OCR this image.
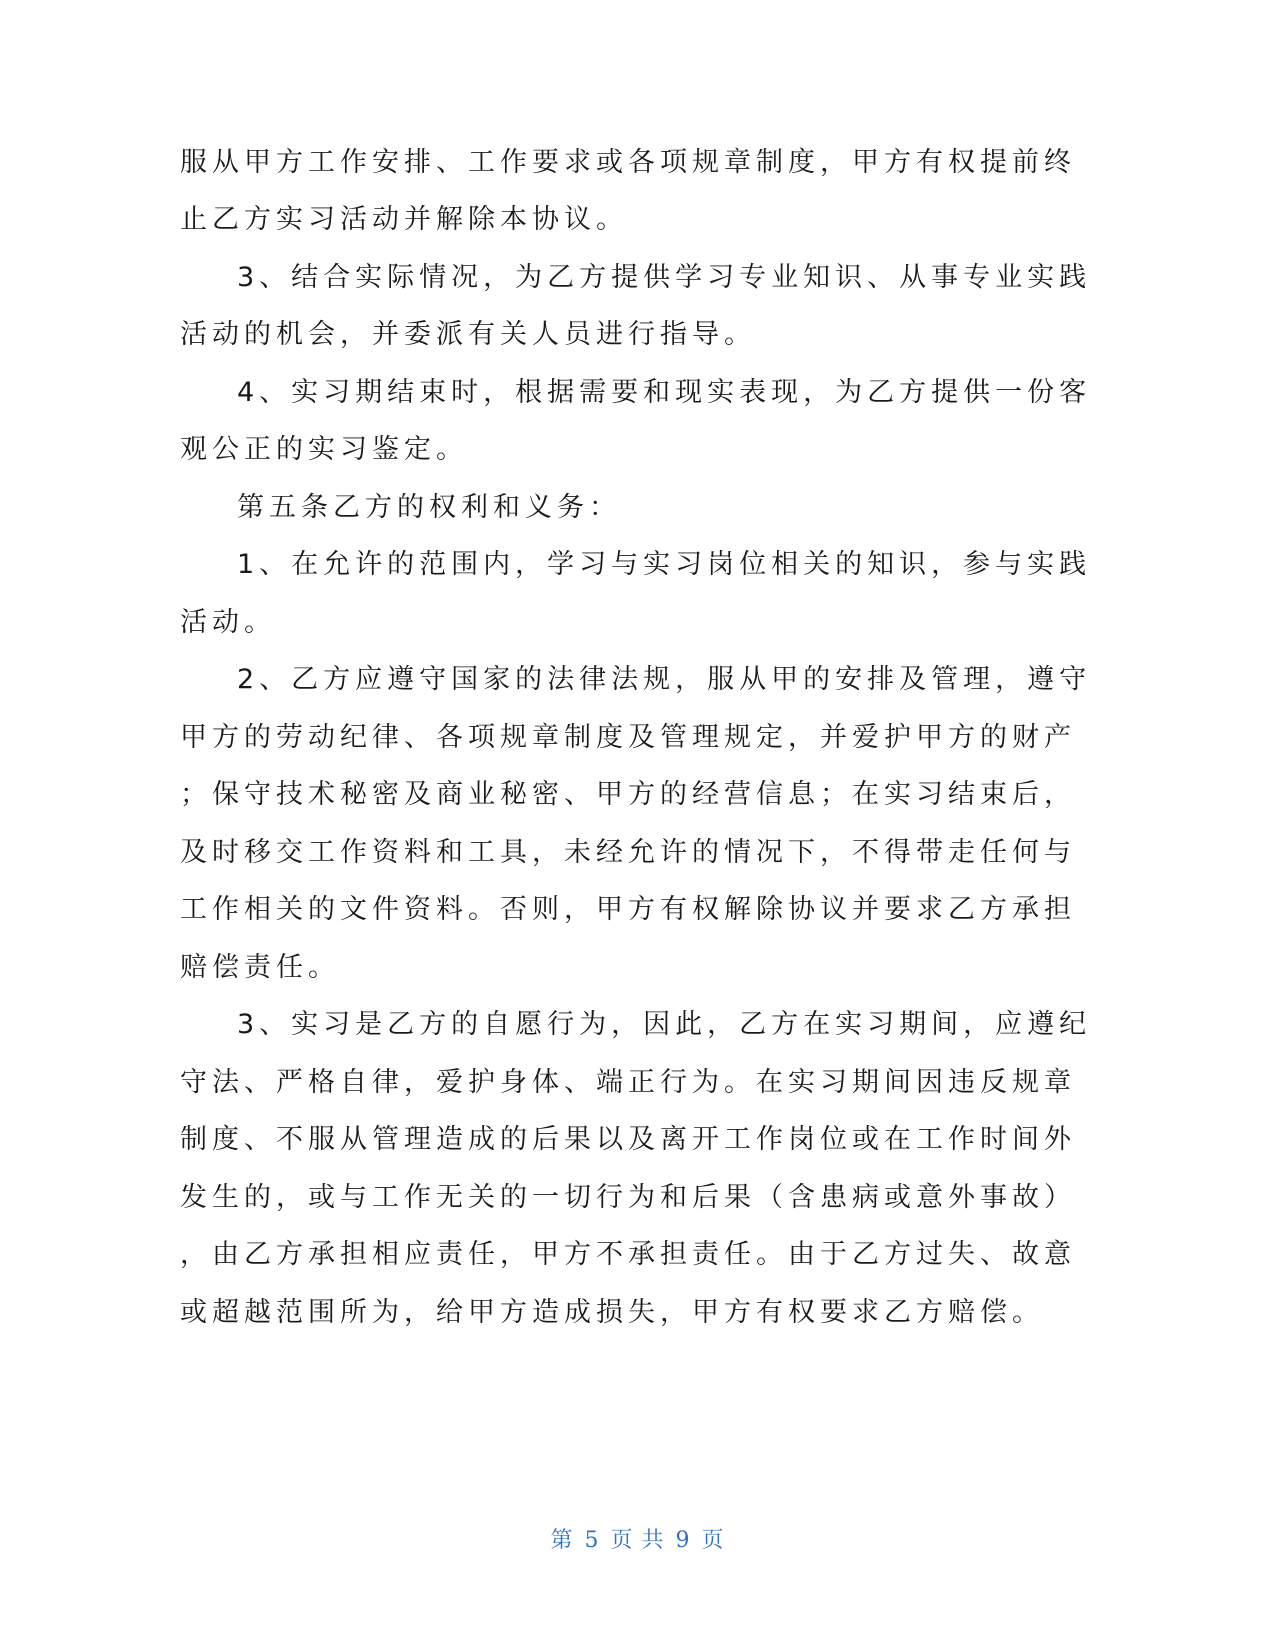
服从甲方工作安排、工作要求或各项规章制度，甲方有权提前终
止乙方实习活动并解除本协议。
3、结合实际情况，为乙方提供学习专业知识、从事专业实践
活动的机会，并委派有关人员进行指导。
4、实习期结束时，根据需要和现实表现，为乙方提供一份客
观公正的实习鉴定。
第五条乙方的权利和义务：
1、在允许的范围内，学习与实习岗位相关的知识，参与实践
活动。
2、乙方应遵守国家的法律法规，服从甲的安排及管理，遵守
甲方的劳动纪律、各项规章制度及管理规定，并爱护甲方的财产
；保守技术秘密及商业秘密、甲方的经营信息；在实习结束后，
及时移交工作资料和工具，未经允许的情况下，不得带走任何与
工作相关的文件资料。否则，甲方有权解除协议并要求乙方承担
赔偿责任。
3、实习是乙方的自愿行为，因此，乙方在实习期间，应遵纪
守法、严格自律，爱护身体、端正行为。在实习期间因违反规章
制度、不服从管理造成的后果以及离开工作岗位或在工作时间外
发生的，或与工作无关的一切行为和后果（含患病或意外事故）
，由乙方承担相应责任，甲方不承担责任。由于乙方过失、故意
或超越范围所为，给甲方造成损失，甲方有权要求乙方赔偿。
第 5 页 共 9 页
